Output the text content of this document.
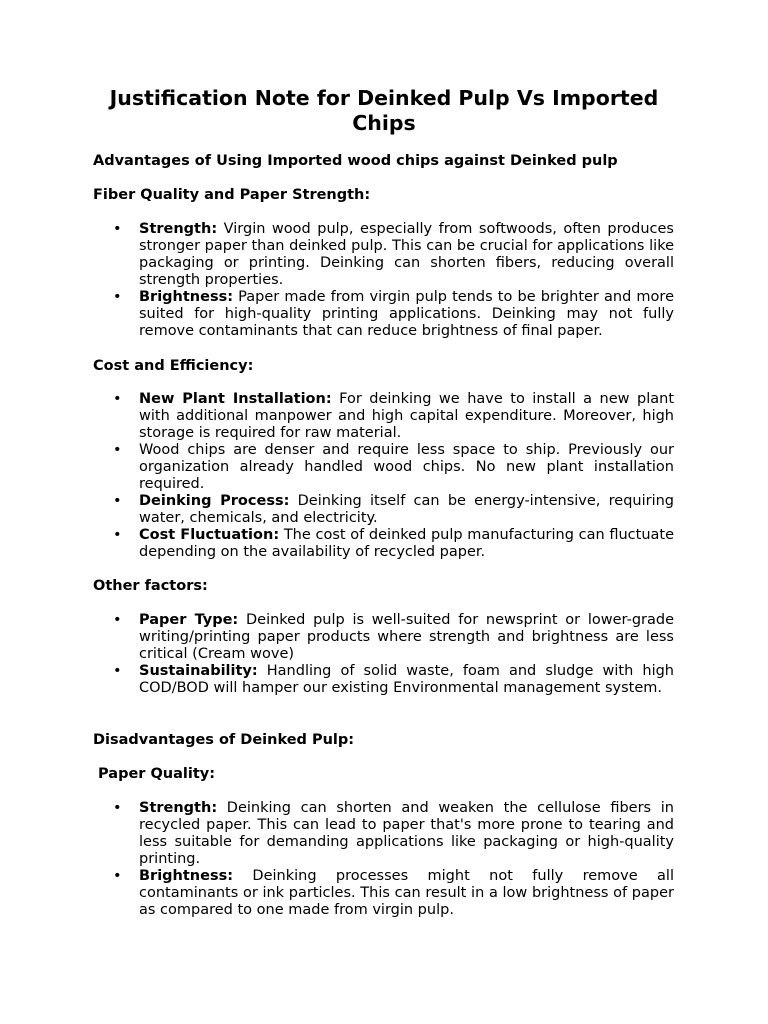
Justification Note for Deinked Pulp Vs Imported Chips

Advantages of Using Imported wood chips against Deinked pulp

Fiber Quality and Paper Strength:

• Strength: Virgin wood pulp, especially from softwoods, often produces stronger paper than deinked pulp. This can be crucial for applications like packaging or printing. Deinking can shorten fibers, reducing overall strength properties.
• Brightness: Paper made from virgin pulp tends to be brighter and more suited for high-quality printing applications. Deinking may not fully remove contaminants that can reduce brightness of final paper.

Cost and Efficiency:

• New Plant Installation: For deinking we have to install a new plant with additional manpower and high capital expenditure. Moreover, high storage is required for raw material.
• Wood chips are denser and require less space to ship. Previously our organization already handled wood chips. No new plant installation required.
• Deinking Process: Deinking itself can be energy-intensive, requiring water, chemicals, and electricity.
• Cost Fluctuation: The cost of deinked pulp manufacturing can fluctuate depending on the availability of recycled paper.

Other factors:

• Paper Type: Deinked pulp is well-suited for newsprint or lower-grade writing/printing paper products where strength and brightness are less critical (Cream wove)
• Sustainability: Handling of solid waste, foam and sludge with high COD/BOD will hamper our existing Environmental management system.

Disadvantages of Deinked Pulp:

Paper Quality:

• Strength: Deinking can shorten and weaken the cellulose fibers in recycled paper. This can lead to paper that's more prone to tearing and less suitable for demanding applications like packaging or high-quality printing.
• Brightness: Deinking processes might not fully remove all contaminants or ink particles. This can result in a low brightness of paper as compared to one made from virgin pulp.
